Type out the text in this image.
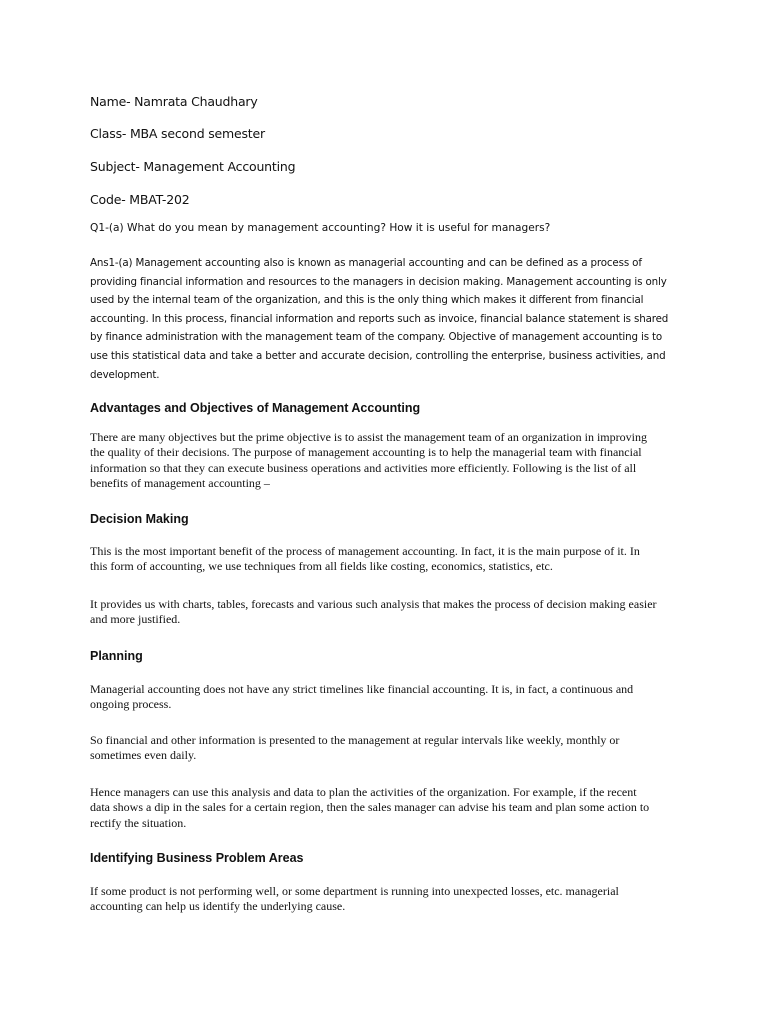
Name- Namrata Chaudhary
Class- MBA second semester
Subject- Management Accounting
Code- MBAT-202
Q1-(a) What do you mean by management accounting? How it is useful for managers?
Ans1-(a) Management accounting also is known as managerial accounting and can be defined as a process of providing financial information and resources to the managers in decision making. Management accounting is only used by the internal team of the organization, and this is the only thing which makes it different from financial accounting. In this process, financial information and reports such as invoice, financial balance statement is shared by finance administration with the management team of the company. Objective of management accounting is to use this statistical data and take a better and accurate decision, controlling the enterprise, business activities, and development.
Advantages and Objectives of Management Accounting
There are many objectives but the prime objective is to assist the management team of an organization in improving the quality of their decisions. The purpose of management accounting is to help the managerial team with financial information so that they can execute business operations and activities more efficiently. Following is the list of all benefits of management accounting –
Decision Making
This is the most important benefit of the process of management accounting. In fact, it is the main purpose of it. In this form of accounting, we use techniques from all fields like costing, economics, statistics, etc.
It provides us with charts, tables, forecasts and various such analysis that makes the process of decision making easier and more justified.
Planning
Managerial accounting does not have any strict timelines like financial accounting. It is, in fact, a continuous and ongoing process.
So financial and other information is presented to the management at regular intervals like weekly, monthly or sometimes even daily.
Hence managers can use this analysis and data to plan the activities of the organization. For example, if the recent data shows a dip in the sales for a certain region, then the sales manager can advise his team and plan some action to rectify the situation.
Identifying Business Problem Areas
If some product is not performing well, or some department is running into unexpected losses, etc. managerial accounting can help us identify the underlying cause.
